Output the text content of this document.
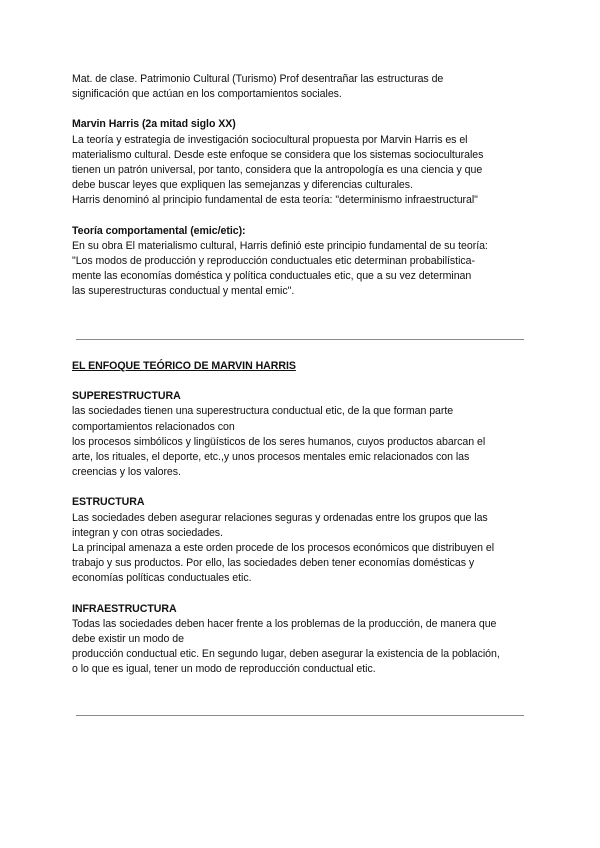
Mat. de clase. Patrimonio Cultural (Turismo) Prof desentrañar las estructuras de
significación que actúan en los comportamientos sociales.
Marvin Harris (2a mitad siglo XX)
La teoría y estrategia de investigación sociocultural propuesta por Marvin Harris es el
materialismo cultural. Desde este enfoque se considera que los sistemas socioculturales
tienen un patrón universal, por tanto, considera que la antropología es una ciencia y que
debe buscar leyes que expliquen las semejanzas y diferencias culturales.
Harris denominó al principio fundamental de esta teoría: "determinismo infraestructural"
Teoría comportamental (emic/etic):
En su obra El materialismo cultural, Harris definió este principio fundamental de su teoría:
"Los modos de producción y reproducción conductuales etic determinan probabilística-
mente las economías doméstica y política conductuales etic, que a su vez determinan
las superestructuras conductual y mental emic".
EL ENFOQUE TEÓRICO DE MARVIN HARRIS
SUPERESTRUCTURA
las sociedades tienen una superestructura conductual etic, de la que forman parte
comportamientos relacionados con
los procesos simbólicos y lingüísticos de los seres humanos, cuyos productos abarcan el
arte, los rituales, el deporte, etc.,y unos procesos mentales emic relacionados con las
creencias y los valores.
ESTRUCTURA
Las sociedades deben asegurar relaciones seguras y ordenadas entre los grupos que las
integran y con otras sociedades.
La principal amenaza a este orden procede de los procesos económicos que distribuyen el
trabajo y sus productos. Por ello, las sociedades deben tener economías domésticas y
economías políticas conductuales etic.
INFRAESTRUCTURA
Todas las sociedades deben hacer frente a los problemas de la producción, de manera que
debe existir un modo de
producción conductual etic. En segundo lugar, deben asegurar la existencia de la población,
o lo que es igual, tener un modo de reproducción conductual etic.
